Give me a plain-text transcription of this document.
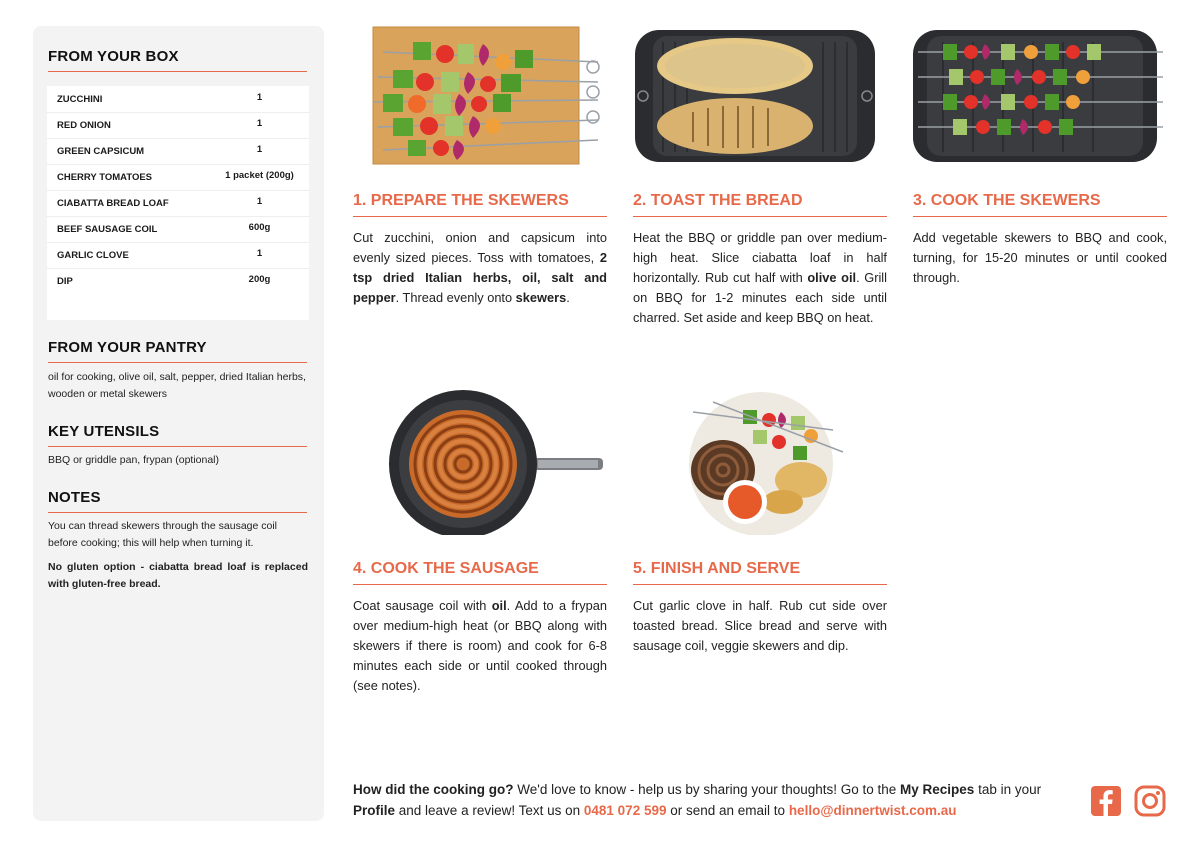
FROM YOUR BOX
ZUCCHINI	1
RED ONION	1
GREEN CAPSICUM	1
CHERRY TOMATOES	1 packet (200g)
CIABATTA BREAD LOAF	1
BEEF SAUSAGE COIL	600g
GARLIC CLOVE	1
DIP	200g
FROM YOUR PANTRY
oil for cooking, olive oil, salt, pepper, dried Italian herbs, wooden or metal skewers
KEY UTENSILS
BBQ or griddle pan, frypan (optional)
NOTES
You can thread skewers through the sausage coil before cooking; this will help when turning it.
No gluten option - ciabatta bread loaf is replaced with gluten-free bread.
1. PREPARE THE SKEWERS
Cut zucchini, onion and capsicum into evenly sized pieces. Toss with tomatoes, 2 tsp dried Italian herbs, oil, salt and pepper. Thread evenly onto skewers.
2. TOAST THE BREAD
Heat the BBQ or griddle pan over medium-high heat. Slice ciabatta loaf in half horizontally. Rub cut half with olive oil. Grill on BBQ for 1-2 minutes each side until charred. Set aside and keep BBQ on heat.
3. COOK THE SKEWERS
Add vegetable skewers to BBQ and cook, turning, for 15-20 minutes or until cooked through.
4. COOK THE SAUSAGE
Coat sausage coil with oil. Add to a frypan over medium-high heat (or BBQ along with skewers if there is room) and cook for 6-8 minutes each side or until cooked through (see notes).
5. FINISH AND SERVE
Cut garlic clove in half. Rub cut side over toasted bread. Slice bread and serve with sausage coil, veggie skewers and dip.
How did the cooking go? We'd love to know - help us by sharing your thoughts! Go to the My Recipes tab in your Profile and leave a review! Text us on 0481 072 599 or send an email to hello@dinnertwist.com.au
